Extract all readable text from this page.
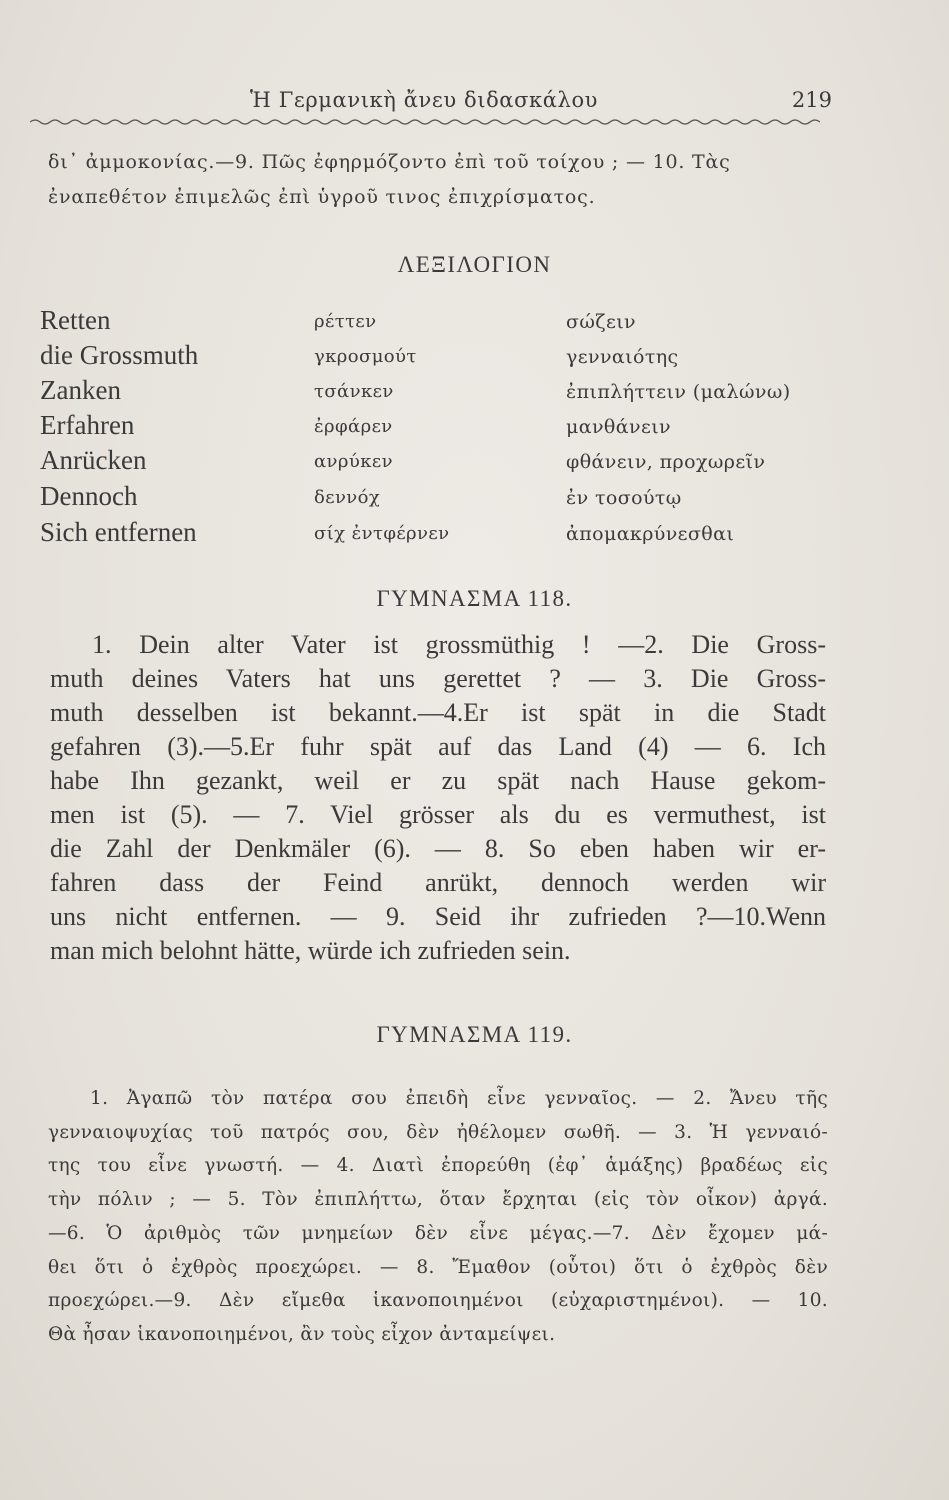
Ἡ Γερμανικὴ ἄνευ διδασκάλου	219
δι᾽ ἀμμοκονίας.—9. Πῶς ἐφηρμόζοντο ἐπὶ τοῦ τοίχου ; — 10. Τὰς
ἐναπεθέτον ἐπιμελῶς ἐπὶ ὑγροῦ τινος ἐπιχρίσματος.
ΛΕΞΙΛΟΓΙΟΝ
Retten	ρέττεν	σώζειν
die Grossmuth	γκροσμούτ	γενναιότης
Zanken	τσάνκεν	ἐπιπλήττειν (μαλώνω)
Erfahren	ἐρφάρεν	μανθάνειν
Anrücken	ανρύκεν	φθάνειν, προχωρεῖν
Dennoch	δεννόχ	ἐν τοσούτῳ
Sich entfernen	σίχ ἐντφέρνεν	ἀπομακρύνεσθαι
ΓΥΜΝΑΣΜΑ 118.
1. Dein alter Vater ist grossmüthig ! —2. Die Gross-
muth deines Vaters hat uns gerettet ? — 3. Die Gross-
muth desselben ist bekannt.—4.Er ist spät in die Stadt
gefahren (3).—5.Er fuhr spät auf das Land (4) — 6. Ich
habe Ihn gezankt, weil er zu spät nach Hause gekom-
men ist (5). — 7. Viel grösser als du es vermuthest, ist
die Zahl der Denkmäler (6). — 8. So eben haben wir er-
fahren dass der Feind anrükt, dennoch werden wir
uns nicht entfernen. — 9. Seid ihr zufrieden ?—10.Wenn
man mich belohnt hätte, würde ich zufrieden sein.
ΓΥΜΝΑΣΜΑ 119.
1. Ἀγαπῶ τὸν πατέρα σου ἐπειδὴ εἶνε γενναῖος. — 2. Ἄνευ τῆς
γενναιοψυχίας τοῦ πατρός σου, δὲν ἠθέλομεν σωθῆ. — 3. Ἡ γενναιό-
της του εἶνε γνωστή. — 4. Διατὶ ἐπορεύθη (ἐφ᾽ ἁμάξης) βραδέως εἰς
τὴν πόλιν ; — 5. Τὸν ἐπιπλήττω, ὅταν ἔρχηται (εἰς τὸν οἶκον) ἀργά.
—6. Ὁ ἀριθμὸς τῶν μνημείων δὲν εἶνε μέγας.—7. Δὲν ἔχομεν μά-
θει ὅτι ὁ ἐχθρὸς προεχώρει. — 8. Ἔμαθον (οὗτοι) ὅτι ὁ ἐχθρὸς δὲν
προεχώρει.—9. Δὲν εἴμεθα ἱκανοποιημένοι (εὐχαριστημένοι). — 10.
Θὰ ἦσαν ἱκανοποιημένοι, ἂν τοὺς εἶχον ἀνταμείψει.
